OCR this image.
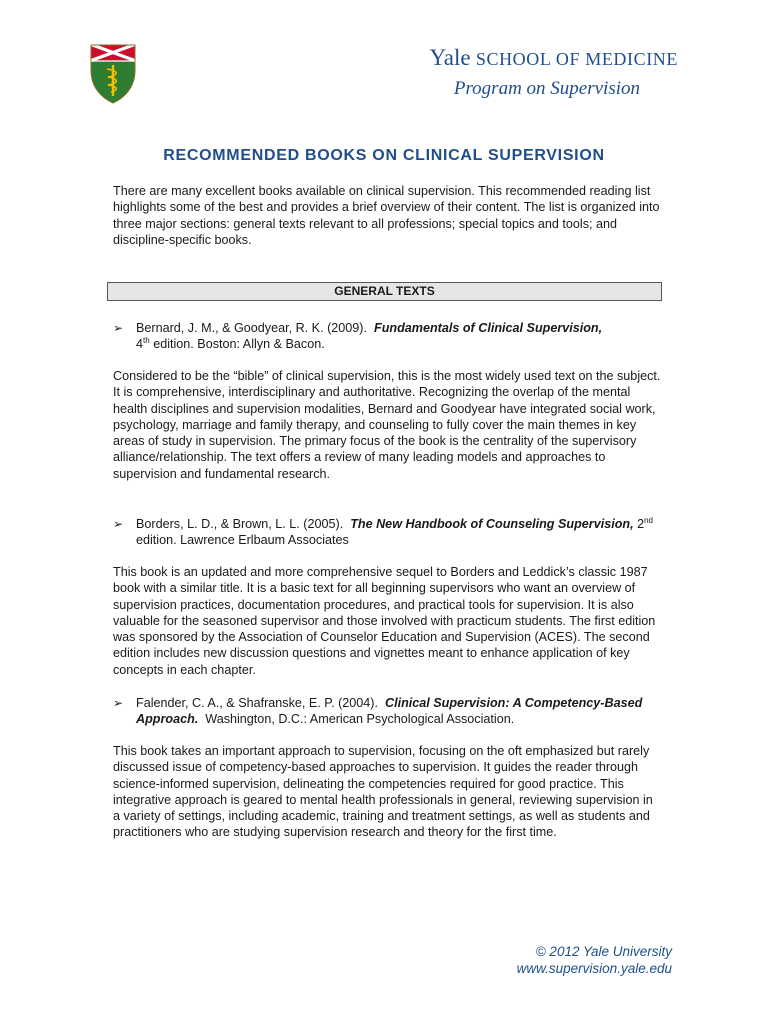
Yale SCHOOL OF MEDICINE
Program on Supervision
RECOMMENDED BOOKS ON CLINICAL SUPERVISION

There are many excellent books available on clinical supervision. This recommended reading list highlights some of the best and provides a brief overview of their content. The list is organized into three major sections: general texts relevant to all professions; special topics and tools; and discipline-specific books.

GENERAL TEXTS
➢	Bernard, J. M., & Goodyear, R. K. (2009). Fundamentals of Clinical Supervision,
4th edition. Boston: Allyn & Bacon.

Considered to be the “bible” of clinical supervision, this is the most widely used text on the subject. It is comprehensive, interdisciplinary and authoritative. Recognizing the overlap of the mental health disciplines and supervision modalities, Bernard and Goodyear have integrated social work, psychology, marriage and family therapy, and counseling to fully cover the main themes in key areas of study in supervision. The primary focus of the book is the centrality of the supervisory alliance/relationship. The text offers a review of many leading models and approaches to supervision and fundamental research.

➢	Borders, L. D., & Brown, L. L. (2005). The New Handbook of Counseling Supervision, 2nd edition. Lawrence Erlbaum Associates

This book is an updated and more comprehensive sequel to Borders and Leddick’s classic 1987 book with a similar title. It is a basic text for all beginning supervisors who want an overview of supervision practices, documentation procedures, and practical tools for supervision. It is also valuable for the seasoned supervisor and those involved with practicum students. The first edition was sponsored by the Association of Counselor Education and Supervision (ACES). The second edition includes new discussion questions and vignettes meant to enhance application of key concepts in each chapter.

➢	Falender, C. A., & Shafranske, E. P. (2004). Clinical Supervision: A Competency-Based Approach. Washington, D.C.: American Psychological Association.

This book takes an important approach to supervision, focusing on the oft emphasized but rarely discussed issue of competency-based approaches to supervision. It guides the reader through science-informed supervision, delineating the competencies required for good practice. This integrative approach is geared to mental health professionals in general, reviewing supervision in a variety of settings, including academic, training and treatment settings, as well as students and practitioners who are studying supervision research and theory for the first time.

© 2012 Yale University
www.supervision.yale.edu
